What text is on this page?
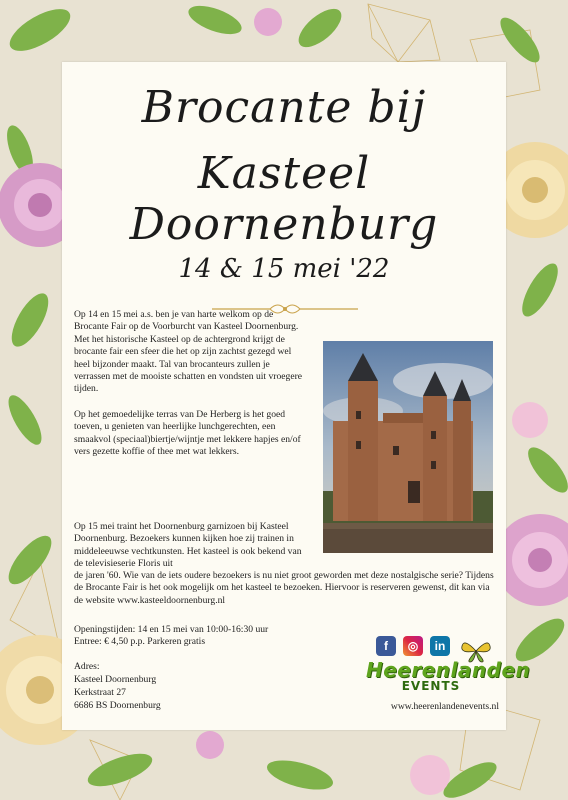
Brocante bij
Kasteel Doornenburg
14 & 15 mei '22

Op 14 en 15 mei a.s. ben je van harte welkom op de Brocante Fair op de Voorburcht van Kasteel Doornenburg. Met het historische Kasteel op de achtergrond krijgt de brocante fair een sfeer die het op zijn zachtst gezegd wel heel bijzonder maakt. Tal van brocanteurs zullen je verrassen met de mooiste schatten en vondsten uit vroegere tijden.

Op het gemoedelijke terras van De Herberg is het goed toeven, u genieten van heerlijke lunchgerechten, een smaakvol (speciaal)biertje/wijntje met lekkere hapjes en/of vers gezette koffie of thee met wat lekkers.

Op 15 mei traint het Doornenburg garnizoen bij Kasteel Doornenburg. Bezoekers kunnen kijken hoe zij trainen in middeleeuwse vechtkunsten. Het kasteel is ook bekend van de televisieserie Floris uit

de jaren '60. Wie van de iets oudere bezoekers is nu niet groot geworden met deze nostalgische serie? Tijdens de Brocante Fair is het ook mogelijk om het kasteel te bezoeken. Hiervoor is reserveren gewenst, dit kan via de website www.kasteeldoornenburg.nl

Openingstijden: 14 en 15 mei van 10:00-16:30 uur
Entree: € 4,50 p.p. Parkeren gratis
Adres:
Kasteel Doornenburg
Kerkstraat 27
6686 BS Doornenburg
f	◎	in
Heerenlanden
EVENTS
www.heerenlandenevents.nl
